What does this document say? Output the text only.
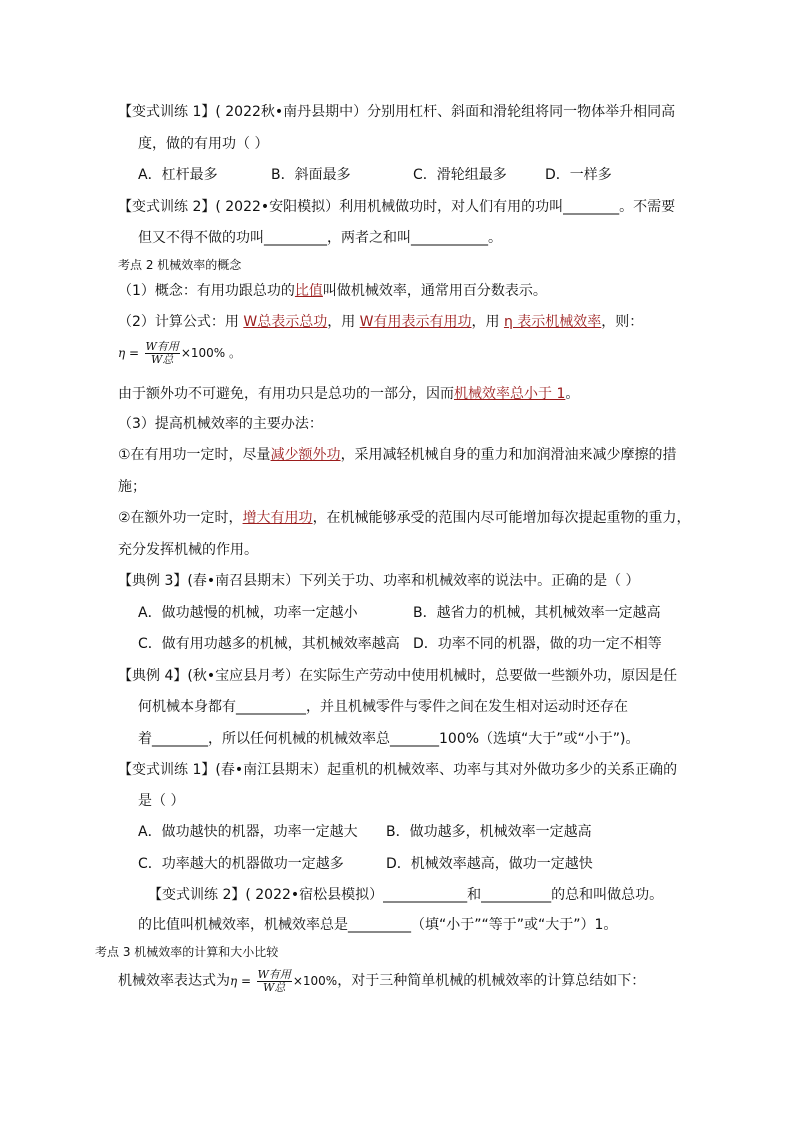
【变式训练 1】( 2022秋•南丹县期中）分别用杠杆、斜面和滑轮组将同一物体举升相同高
度，做的有用功（ ）
A．杠杆最多	B．斜面最多	C．滑轮组最多	D．一样多
【变式训练 2】( 2022•安阳模拟）利用机械做功时，对人们有用的功叫________。不需要
但又不得不做的功叫_________，两者之和叫___________。
考点 2 机械效率的概念
（1）概念：有用功跟总功的比值叫做机械效率，通常用百分数表示。
（2）计算公式：用 W总表示总功，用 W有用表示有用功，用 η 表示机械效率，则：
$\eta = \frac{\text{W有用}}{\text{W总}} \times 100\%$ 。
由于额外功不可避免，有用功只是总功的一部分，因而机械效率总小于 1。
（3）提高机械效率的主要办法：
①在有用功一定时，尽量减少额外功，采用减轻机械自身的重力和加润滑油来减少摩擦的措
施；
②在额外功一定时，增大有用功，在机械能够承受的范围内尽可能增加每次提起重物的重力，
充分发挥机械的作用。
【典例 3】(春•南召县期末）下列关于功、功率和机械效率的说法中。正确的是（ ）
A．做功越慢的机械，功率一定越小	B．越省力的机械，其机械效率一定越高
C．做有用功越多的机械，其机械效率越高 D．功率不同的机器，做的功一定不相等
【典例 4】(秋•宝应县月考）在实际生产劳动中使用机械时，总要做一些额外功，原因是任
何机械本身都有__________，并且机械零件与零件之间在发生相对运动时还存在
着________，所以任何机械的机械效率总_______100%（选填“大于”或“小于”)。
【变式训练 1】(春•南江县期末）起重机的机械效率、功率与其对外做功多少的关系正确的
是（ ）
A．做功越快的机器，功率一定越大 B．做功越多，机械效率一定越高
C．功率越大的机器做功一定越多	D．机械效率越高，做功一定越快
【变式训练 2】( 2022•宿松县模拟）____________和__________的总和叫做总功。
的比值叫机械效率，机械效率总是_________（填“小于”“等于”或“大于”）1。
考点 3 机械效率的计算和大小比较
机械效率表达式为$\eta = \frac{\text{W有用}}{\text{W总}} \times 100\%$，对于三种简单机械的机械效率的计算总结如下：
